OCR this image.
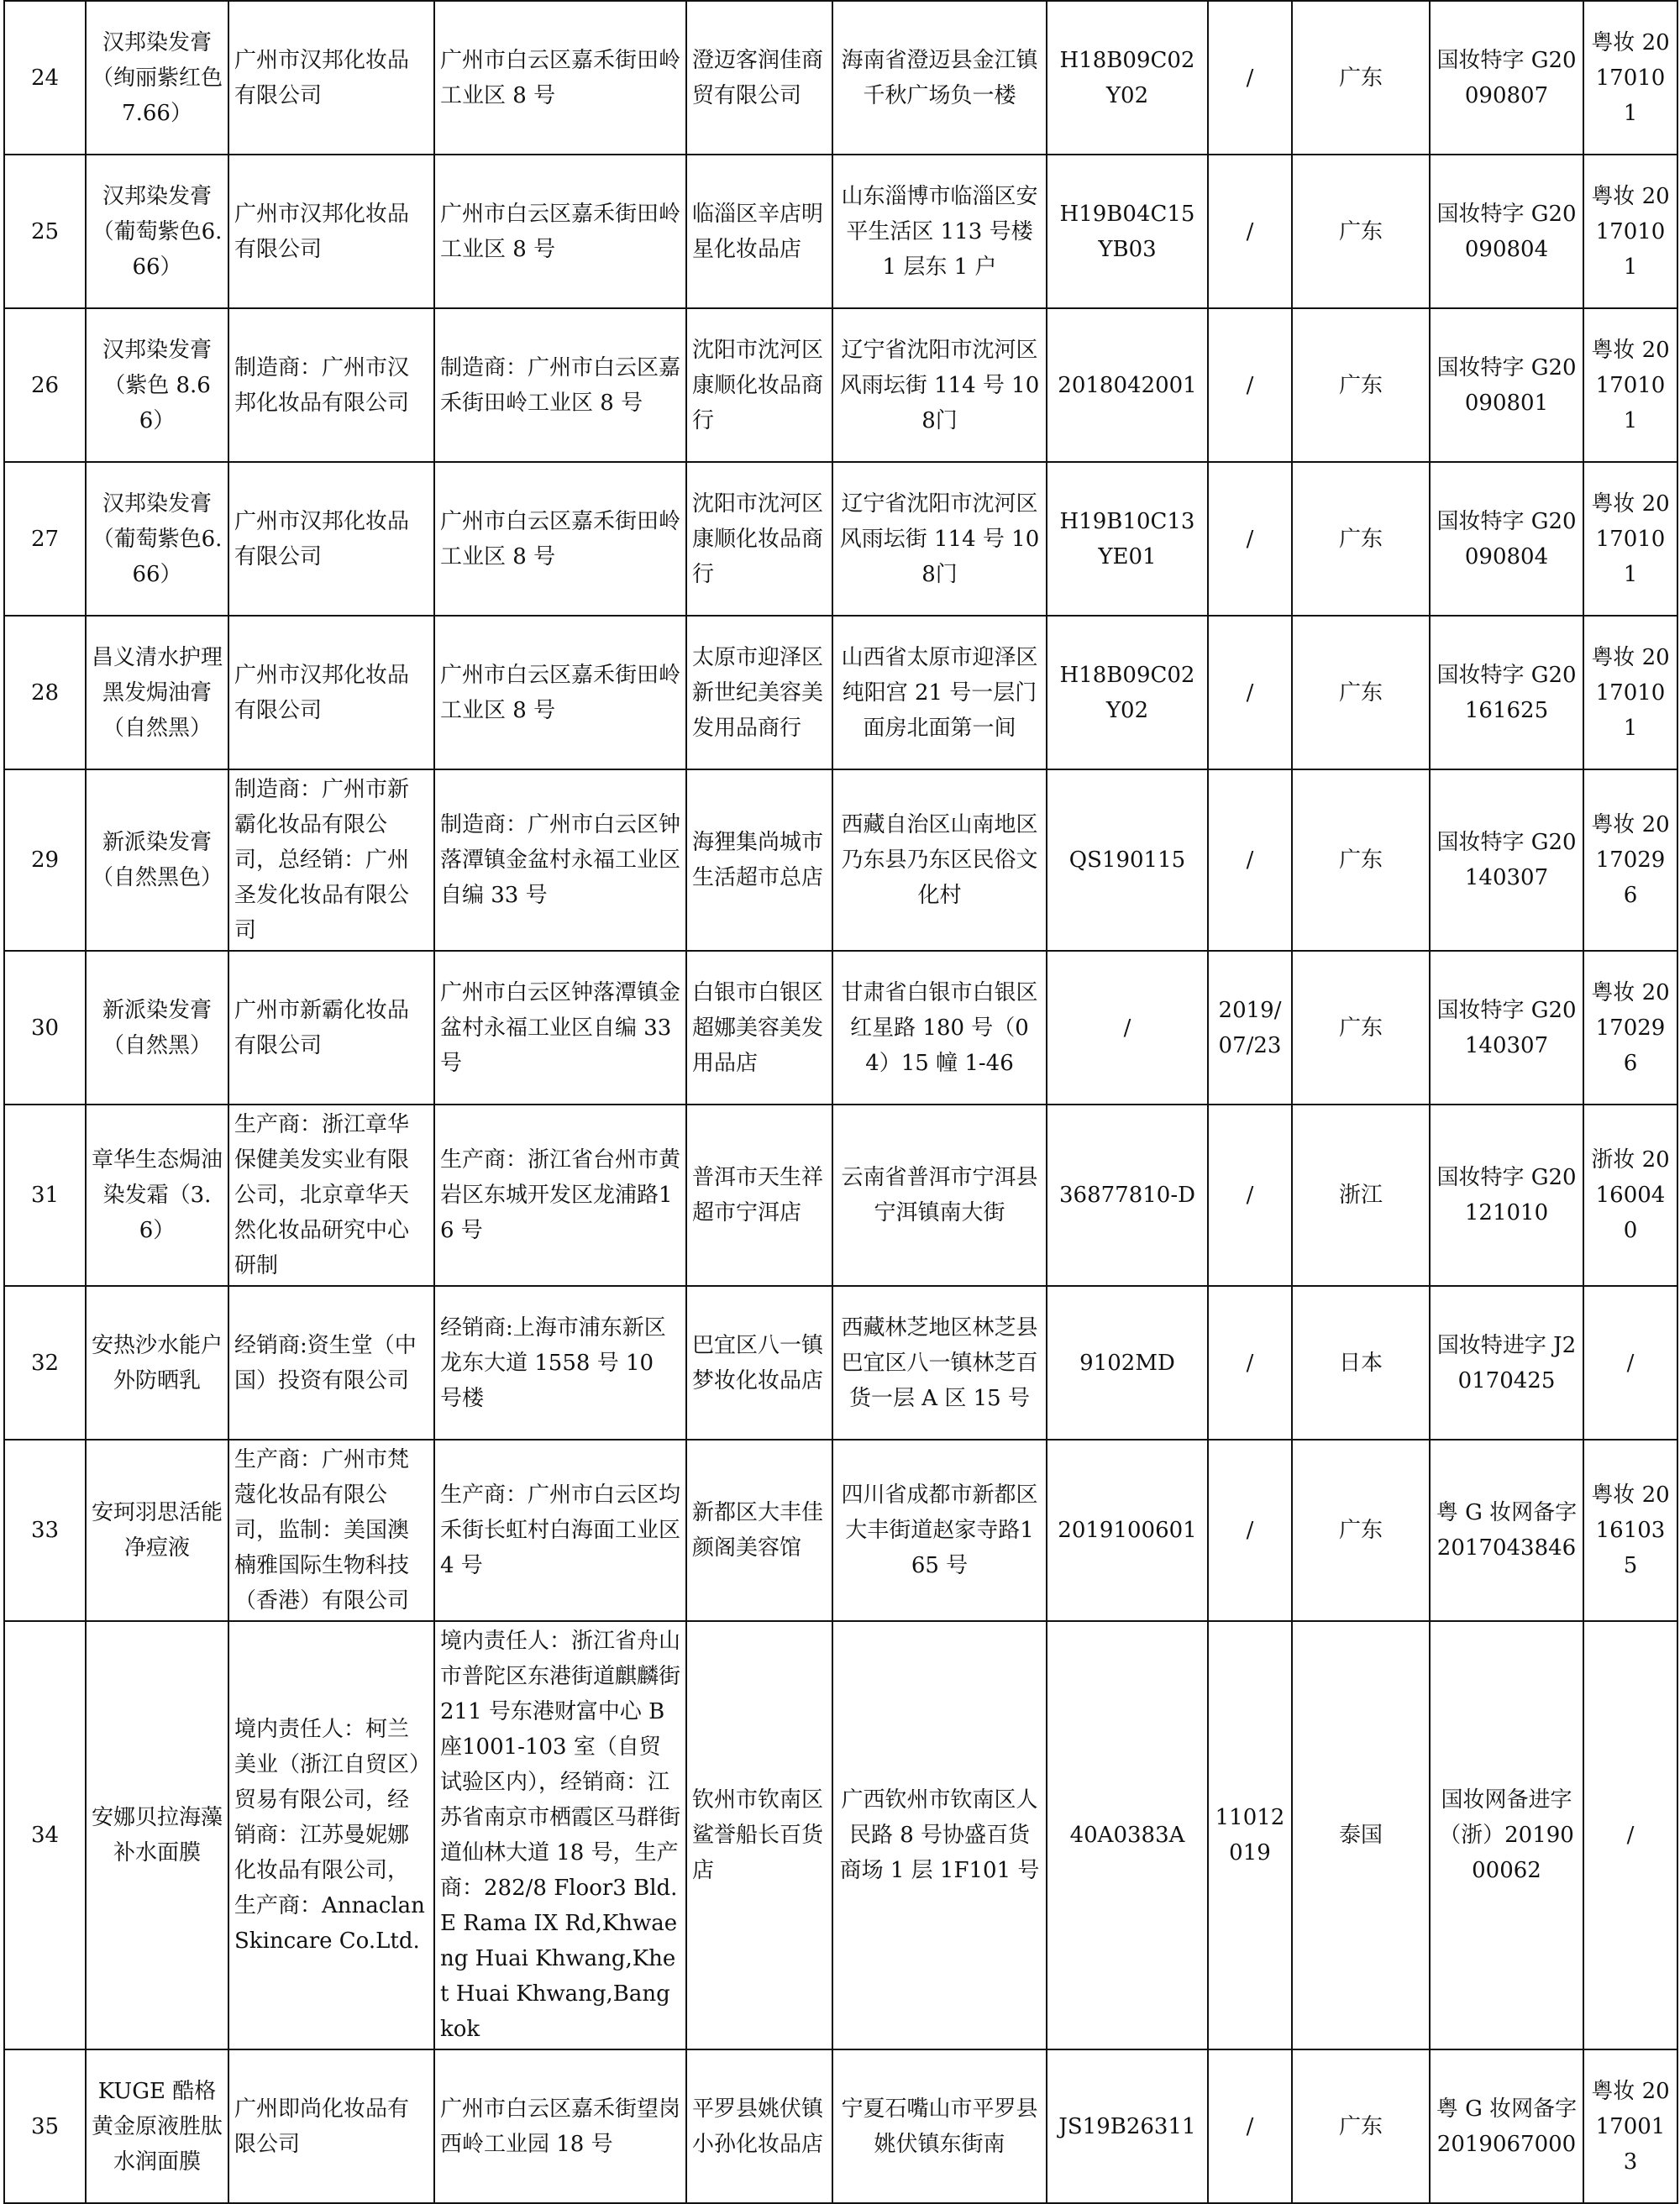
24	汉邦染发膏（绚丽紫红色7.66）	广州市汉邦化妆品有限公司	广州市白云区嘉禾街田岭工业区 8 号	澄迈客润佳商贸有限公司	海南省澄迈县金江镇千秋广场负一楼	H18B09C02Y02	/	广东	国妆特字 G20090807	粤妆 20170101
25	汉邦染发膏（葡萄紫色6.66）	广州市汉邦化妆品有限公司	广州市白云区嘉禾街田岭工业区 8 号	临淄区辛店明星化妆品店	山东淄博市临淄区安平生活区 113 号楼 1 层东 1 户	H19B04C15YB03	/	广东	国妆特字 G20090804	粤妆 20170101
26	汉邦染发膏（紫色 8.66）	制造商：广州市汉邦化妆品有限公司	制造商：广州市白云区嘉禾街田岭工业区 8 号	沈阳市沈河区康顺化妆品商行	辽宁省沈阳市沈河区风雨坛街 114 号 108门	2018042001	/	广东	国妆特字 G20090801	粤妆 20170101
27	汉邦染发膏（葡萄紫色6.66）	广州市汉邦化妆品有限公司	广州市白云区嘉禾街田岭工业区 8 号	沈阳市沈河区康顺化妆品商行	辽宁省沈阳市沈河区风雨坛街 114 号 108门	H19B10C13YE01	/	广东	国妆特字 G20090804	粤妆 20170101
28	昌义清水护理黑发焗油膏（自然黑）	广州市汉邦化妆品有限公司	广州市白云区嘉禾街田岭工业区 8 号	太原市迎泽区新世纪美容美发用品商行	山西省太原市迎泽区纯阳宫 21 号一层门面房北面第一间	H18B09C02Y02	/	广东	国妆特字 G20161625	粤妆 20170101
29	新派染发膏（自然黑色）	制造商：广州市新霸化妆品有限公司，总经销：广州圣发化妆品有限公司	制造商：广州市白云区钟落潭镇金盆村永福工业区自编 33 号	海狸集尚城市生活超市总店	西藏自治区山南地区乃东县乃东区民俗文化村	QS190115	/	广东	国妆特字 G20140307	粤妆 20170296
30	新派染发膏（自然黑）	广州市新霸化妆品有限公司	广州市白云区钟落潭镇金盆村永福工业区自编 33号	白银市白银区超娜美容美发用品店	甘肃省白银市白银区红星路 180 号（04）15 幢 1-46	/	2019/07/23	广东	国妆特字 G20140307	粤妆 20170296
31	章华生态焗油染发霜（3.6）	生产商：浙江章华保健美发实业有限公司，北京章华天然化妆品研究中心研制	生产商：浙江省台州市黄岩区东城开发区龙浦路16 号	普洱市天生祥超市宁洱店	云南省普洱市宁洱县宁洱镇南大街	36877810-D	/	浙江	国妆特字 G20121010	浙妆 20160040
32	安热沙水能户外防晒乳	经销商:资生堂（中国）投资有限公司	经销商:上海市浦东新区龙东大道 1558 号 10 号楼	巴宜区八一镇梦妆化妆品店	西藏林芝地区林芝县巴宜区八一镇林芝百货一层 A 区 15 号	9102MD	/	日本	国妆特进字 J20170425	/
33	安珂羽思活能净痘液	生产商：广州市梵蔻化妆品有限公司，监制：美国澳楠雅国际生物科技（香港）有限公司	生产商：广州市白云区均禾街长虹村白海面工业区4 号	新都区大丰佳颜阁美容馆	四川省成都市新都区大丰街道赵家寺路165 号	2019100601	/	广东	粤 G 妆网备字 2017043846	粤妆 20161035
34	安娜贝拉海藻补水面膜	境内责任人：柯兰美业（浙江自贸区）贸易有限公司，经销商：江苏曼妮娜化妆品有限公司，生产商：Annaclan Skincare Co.Ltd.	境内责任人：浙江省舟山市普陀区东港街道麒麟街211 号东港财富中心 B 座1001-103 室（自贸试验区内），经销商：江苏省南京市栖霞区马群街道仙林大道 18 号，生产商：282/8 Floor3 Bld.E Rama IX Rd,Khwaeng Huai Khwang,Khet Huai Khwang,Bangkok	钦州市钦南区鲨誉船长百货店	广西钦州市钦南区人民路 8 号协盛百货商场 1 层 1F101 号	40A0383A	11012019	泰国	国妆网备进字（浙）2019000062	/
35	KUGE 酷格黄金原液胜肽水润面膜	广州即尚化妆品有限公司	广州市白云区嘉禾街望岗西岭工业园 18 号	平罗县姚伏镇小孙化妆品店	宁夏石嘴山市平罗县姚伏镇东街南	JS19B26311	/	广东	粤 G 妆网备字 2019067000	粤妆 20170013
